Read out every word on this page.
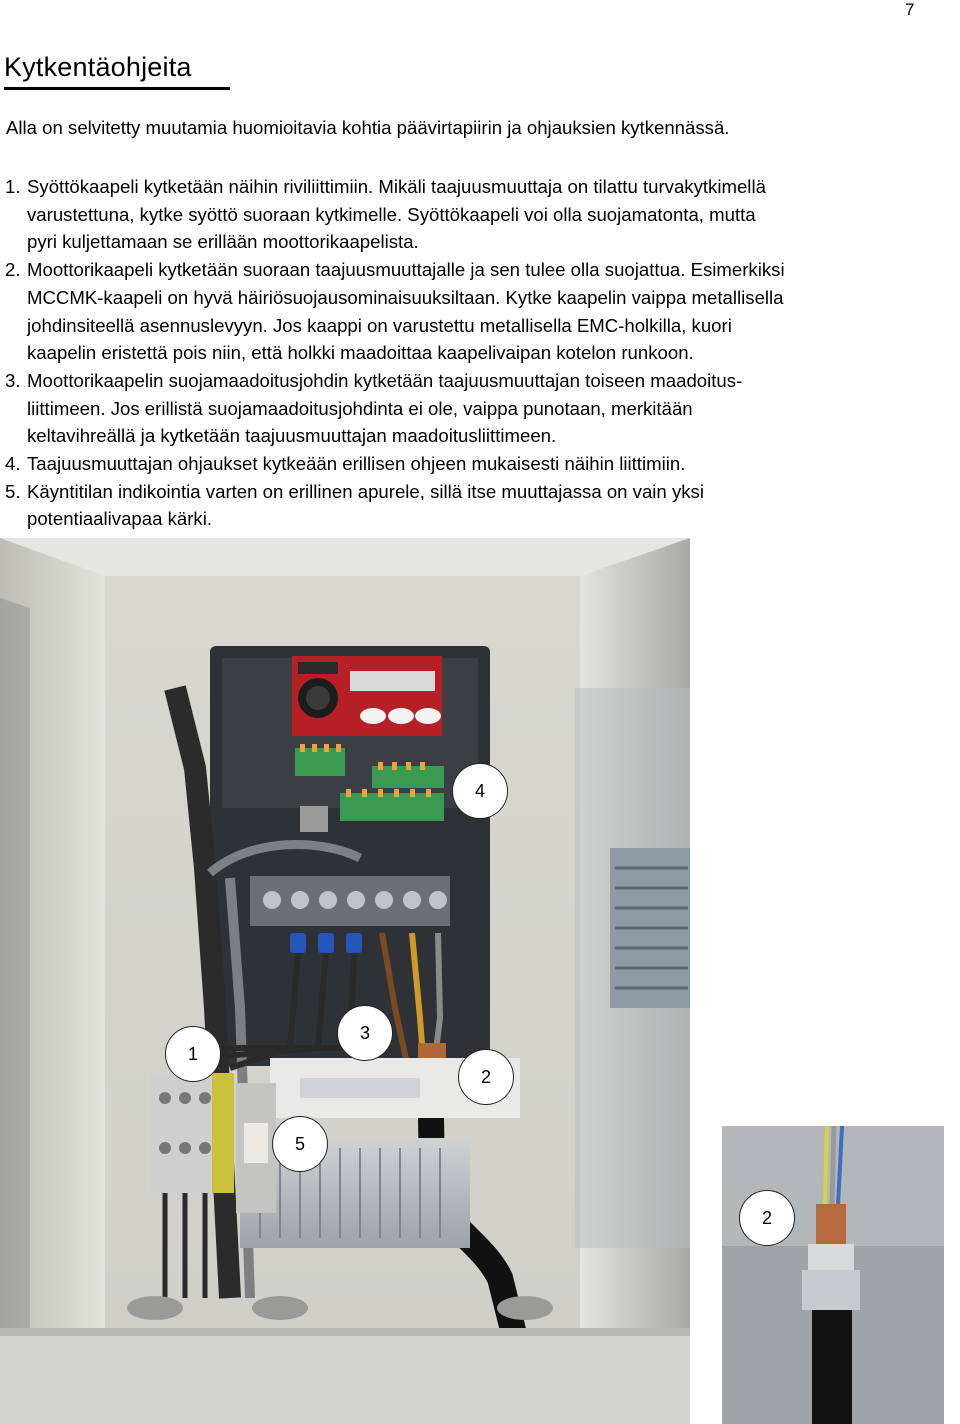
7
Kytkentäohjeita

Alla on selvitetty muutamia huomioitavia kohtia päävirtapiirin ja ohjauksien kytkennässä.

1. Syöttökaapeli kytketään näihin riviliittimiin. Mikäli taajuusmuuttaja on tilattu turvakytkimellä
varustettuna, kytke syöttö suoraan kytkimelle. Syöttökaapeli voi olla suojamatonta, mutta
pyri kuljettamaan se erillään moottorikaapelista.
2. Moottorikaapeli kytketään suoraan taajuusmuuttajalle ja sen tulee olla suojattua. Esimerkiksi
MCCMK-kaapeli on hyvä häiriösuojausominaisuuksiltaan. Kytke kaapelin vaippa metallisella
johdinsiteellä asennuslevyyn. Jos kaappi on varustettu metallisella EMC-holkilla, kuori
kaapelin eristettä pois niin, että holkki maadoittaa kaapelivaipan kotelon runkoon.
3. Moottorikaapelin suojamaadoitusjohdin kytketään taajuusmuuttajan toiseen maadoitus-
liittimeen. Jos erillistä suojamaadoitusjohdinta ei ole, vaippa punotaan, merkitään
keltavihreällä ja kytketään taajuusmuuttajan maadoitusliittimeen.
4. Taajuusmuuttajan ohjaukset kytkeään erillisen ohjeen mukaisesti näihin liittimiin.
5. Käyntitilan indikointia varten on erillinen apurele, sillä itse muuttajassa on vain yksi
potentiaalivapaa kärki.
4
1
3
2
5
2
